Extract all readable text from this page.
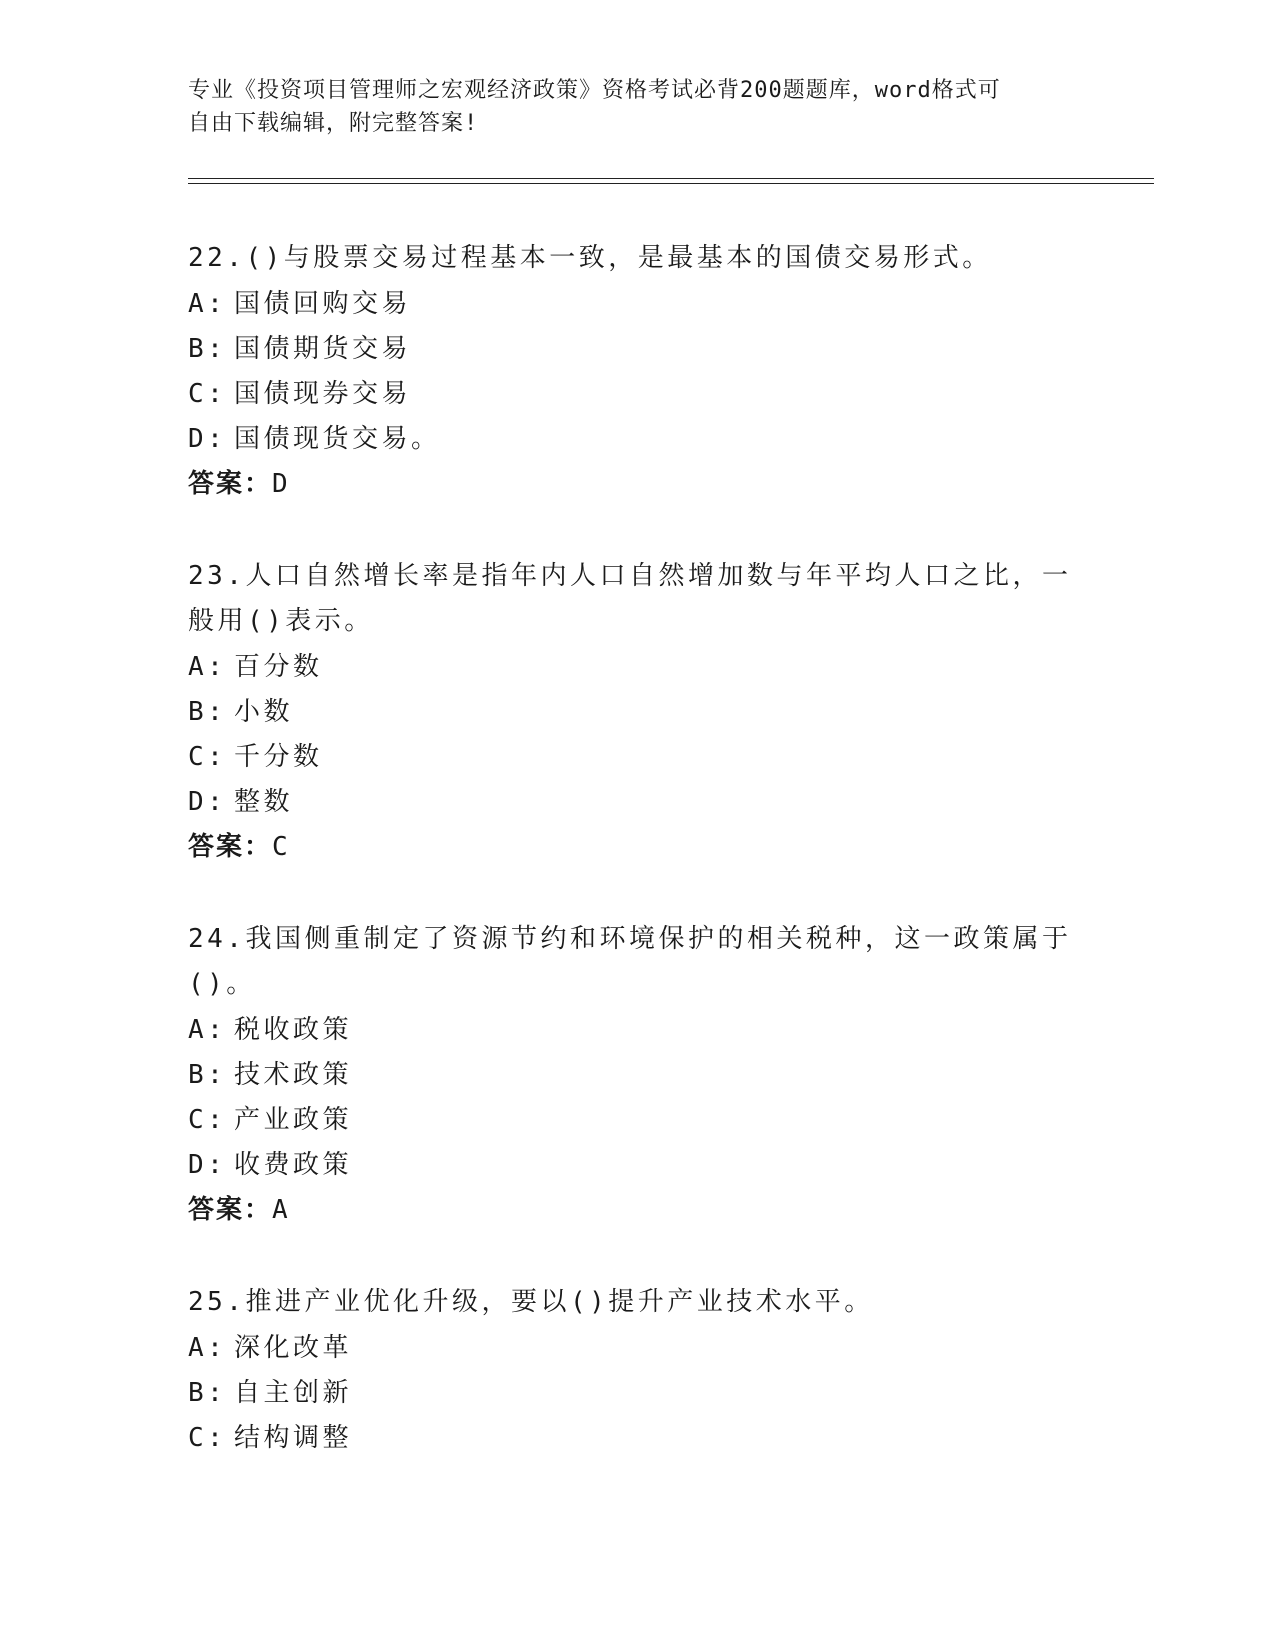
专业《投资项目管理师之宏观经济政策》资格考试必背200题题库，word格式可
自由下载编辑，附完整答案!
22.()与股票交易过程基本一致，是最基本的国债交易形式。
A: 国债回购交易
B: 国债期货交易
C: 国债现券交易
D: 国债现货交易。
答案：D
23.人口自然增长率是指年内人口自然增加数与年平均人口之比，一般用()表示。
A: 百分数
B: 小数
C: 千分数
D: 整数
答案：C
24.我国侧重制定了资源节约和环境保护的相关税种，这一政策属于()。
A: 税收政策
B: 技术政策
C: 产业政策
D: 收费政策
答案：A
25.推进产业优化升级，要以()提升产业技术水平。
A: 深化改革
B: 自主创新
C: 结构调整
